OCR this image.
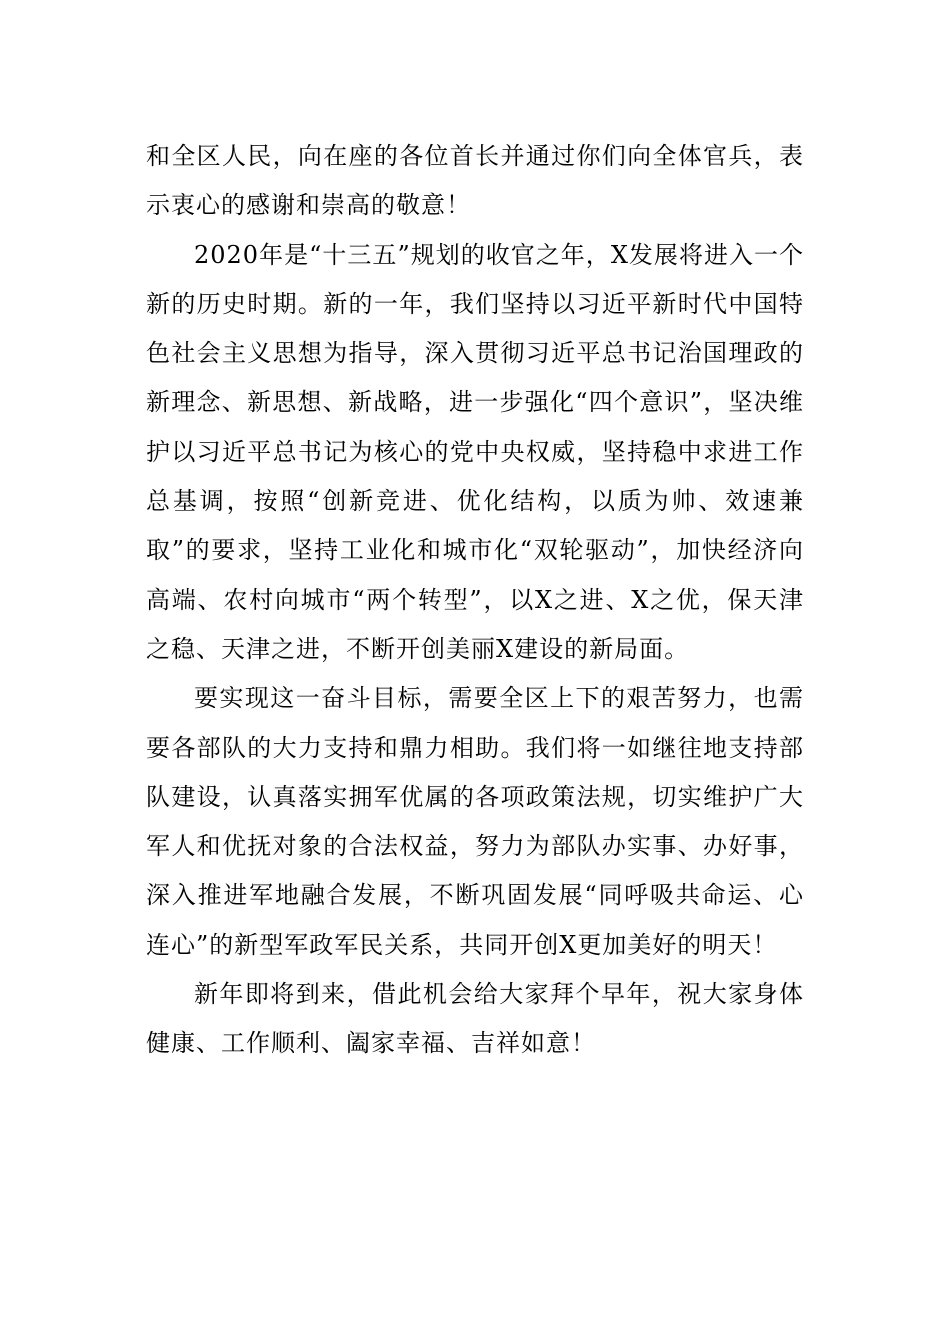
和全区人民，向在座的各位首长并通过你们向全体官兵，表示衷心的感谢和崇高的敬意！

2020年是“十三五”规划的收官之年，X发展将进入一个新的历史时期。新的一年，我们坚持以习近平新时代中国特色社会主义思想为指导，深入贯彻习近平总书记治国理政的新理念、新思想、新战略，进一步强化“四个意识”，坚决维护以习近平总书记为核心的党中央权威，坚持稳中求进工作总基调，按照“创新竞进、优化结构，以质为帅、效速兼取”的要求，坚持工业化和城市化“双轮驱动”，加快经济向高端、农村向城市“两个转型”，以X之进、X之优，保天津之稳、天津之进，不断开创美丽X建设的新局面。

要实现这一奋斗目标，需要全区上下的艰苦努力，也需要各部队的大力支持和鼎力相助。我们将一如继往地支持部队建设，认真落实拥军优属的各项政策法规，切实维护广大军人和优抚对象的合法权益，努力为部队办实事、办好事，深入推进军地融合发展，不断巩固发展“同呼吸共命运、心连心”的新型军政军民关系，共同开创X更加美好的明天！

新年即将到来，借此机会给大家拜个早年，祝大家身体健康、工作顺利、阖家幸福、吉祥如意！
